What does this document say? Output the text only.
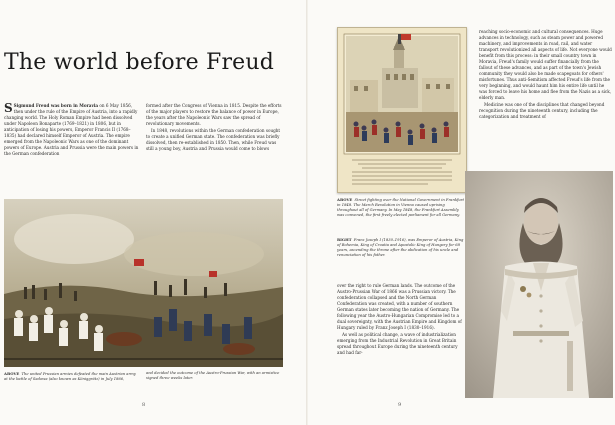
The world before Freud

S Sigmund Freud was born in Moravia on 6 May 1856, then under the rule of the Empire of Austria, into a rapidly changing world. The Holy Roman Empire had been dissolved under Napoleon Bonaparte (1769–1821) in 1806, but in anticipation of losing his powers, Emperor Francis II (1768–1835) had declared himself Emperor of Austria. The empire emerged from the Napoleonic Wars as one of the dominant powers of Europe. Austria and Prussia were the main powers in the German confederation

formed after the Congress of Vienna in 1815. Despite the efforts of the major players to restore the balance of power in Europe, the years after the Napoleonic Wars saw the spread of revolutionary movements.

In 1848, revolutions within the German confederation sought to create a unified German state. The confederation was briefly dissolved, then re-established in 1850. Then, while Freud was still a young boy, Austria and Prussia would come to blows

ABOVE The united Prussian armies defeated the main Austrian army at the battle of Sadowa (also known as Königgrätz) in July 1866,
and decided the outcome of the Austro-Prussian War, with an armistice signed three weeks later.
8
ABOVE Street fighting over the National Government in Frankfurt in 1848. The March Revolution in Vienna caused uprising throughout all of Germany. In May 1848, the Frankfurt Assembly was convened, the first freely elected parliament for all Germany.
RIGHT Franz Joseph I (1830–1916), was Emperor of Austria, King of Bohemia, King of Croatia and Apostolic King of Hungary for 68 years, ascending the throne after the abdication of his uncle and renunciation of his father.

over the right to rule German lands. The outcome of the Austro-Prussian War of 1866 was a Prussian victory. The confederation collapsed and the North German Confederation was created, with a number of southern German states later becoming the nation of Germany. The following year the Austro-Hungarian Compromise led to a dual sovereignty, with the Austrian Empire and Kingdom of Hungary ruled by Franz Joseph I (1830–1916).

As well as political change, a wave of industrialization emerging from the Industrial Revolution in Great Britain spread throughout Europe during the nineteenth century and had far-

reaching socio-economic and cultural consequences. Huge advances in technology, such as steam power and powered machinery, and improvements in road, rail, and water transport revolutionized all aspects of life. Not everyone would benefit from this process: in their small country town in Moravia, Freud's family would suffer financially from the fallout of these advances, and as part of the town's Jewish community they would also be made scapegoats for others' misfortunes. Thus anti-Semitism affected Freud's life from the very beginning, and would haunt him his entire life until he was forced to leave his home and flee from the Nazis as a sick, elderly man.

Medicine was one of the disciplines that changed beyond recognition during the nineteenth century, including the categorization and treatment of

9
